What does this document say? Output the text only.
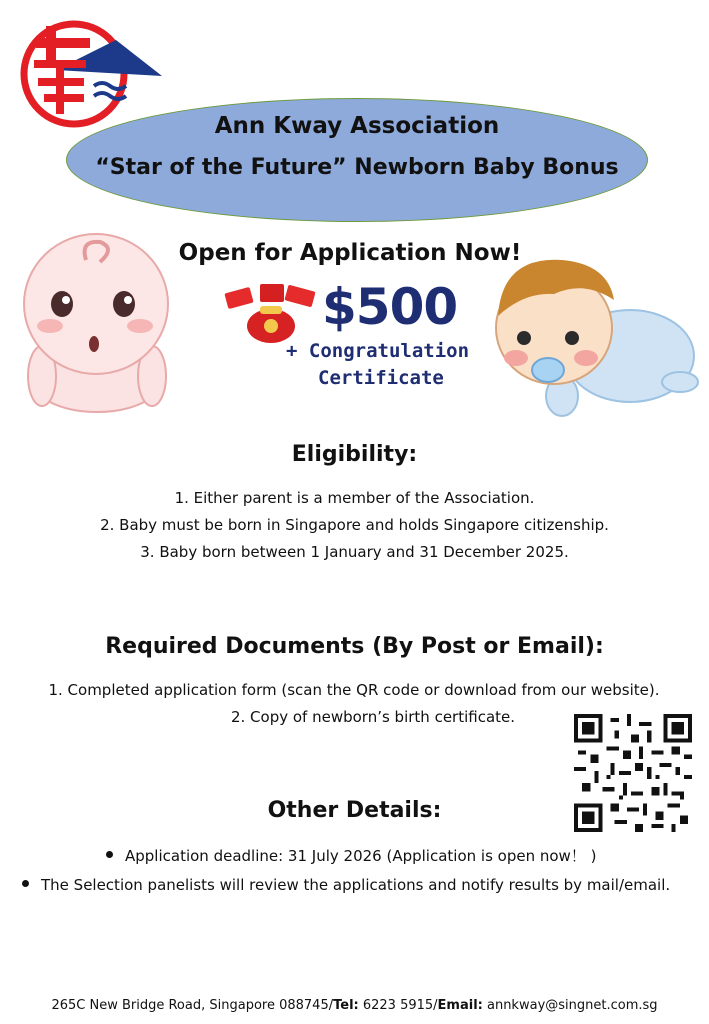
Ann Kway Association
“Star of the Future” Newborn Baby Bonus
Open for Application Now!
$500
+ Congratulation
Certificate
Eligibility:
1. Either parent is a member of the Association.
2. Baby must be born in Singapore and holds Singapore citizenship.
3. Baby born between 1 January and 31 December 2025.
Required Documents (By Post or Email):
1. Completed application form (scan the QR code or download from our website).
2. Copy of newborn’s birth certificate.
Other Details:
Application deadline: 31 July 2026 (Application is open now！ )
The Selection panelists will review the applications and notify results by mail/email.
265C New Bridge Road, Singapore 088745/Tel: 6223 5915/Email: annkway@singnet.com.sg
